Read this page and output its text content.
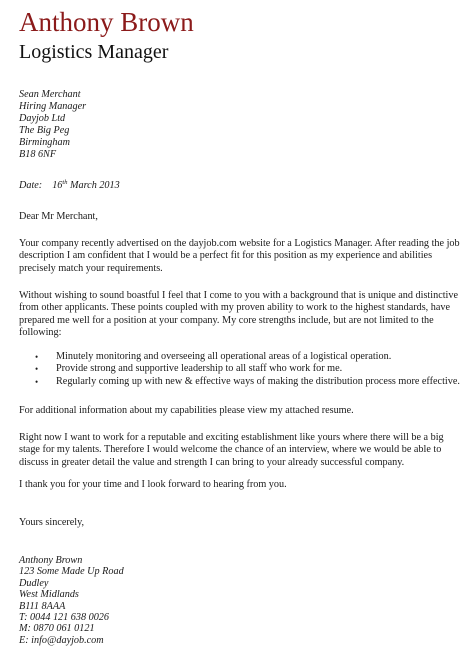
Anthony Brown
Logistics Manager
Sean Merchant
Hiring Manager
Dayjob Ltd
The Big Peg
Birmingham
B18 6NF
Date: 16th March 2013
Dear Mr Merchant,
Your company recently advertised on the dayjob.com website for a Logistics Manager. After reading the job
description I am confident that I would be a perfect fit for this position as my experience and abilities
precisely match your requirements.
Without wishing to sound boastful I feel that I come to you with a background that is unique and distinctive
from other applicants. These points coupled with my proven ability to work to the highest standards, have
prepared me well for a position at your company. My core strengths include, but are not limited to the
following:
• Minutely monitoring and overseeing all operational areas of a logistical operation.
• Provide strong and supportive leadership to all staff who work for me.
• Regularly coming up with new & effective ways of making the distribution process more effective.
For additional information about my capabilities please view my attached resume.
Right now I want to work for a reputable and exciting establishment like yours where there will be a big
stage for my talents. Therefore I would welcome the chance of an interview, where we would be able to
discuss in greater detail the value and strength I can bring to your already successful company.
I thank you for your time and I look forward to hearing from you.
Yours sincerely,
Anthony Brown
123 Some Made Up Road
Dudley
West Midlands
B111 8AAA
T: 0044 121 638 0026
M: 0870 061 0121
E: info@dayjob.com
